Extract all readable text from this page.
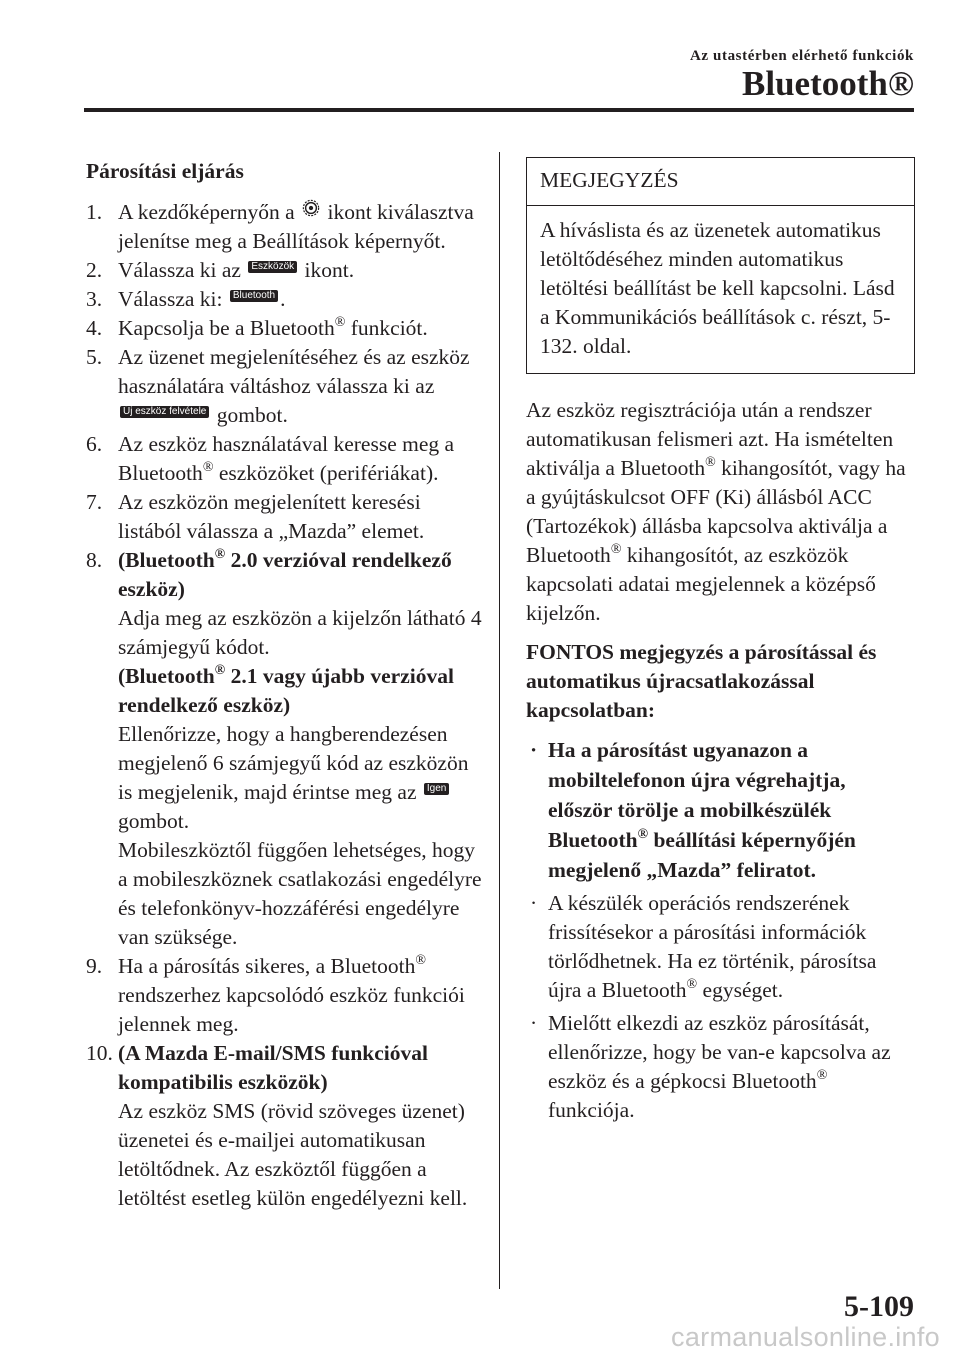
Az utastérben elérhető funkciók
Bluetooth®
Párosítási eljárás
1. A kezdőképernyőn a ikont kiválasztva jelenítse meg a Beállítások képernyőt.
2. Válassza ki az Eszközök ikont.
3. Válassza ki: Bluetooth .
4. Kapcsolja be a Bluetooth® funkciót.
5. Az üzenet megjelenítéséhez és az eszköz használatára váltáshoz válassza ki az Új eszköz felvétele gombot.
6. Az eszköz használatával keresse meg a Bluetooth® eszközöket (perifériákat).
7. Az eszközön megjelenített keresési listából válassza a „Mazda” elemet.
8. (Bluetooth® 2.0 verzióval rendelkező eszköz)
Adja meg az eszközön a kijelzőn látható 4 számjegyű kódot.
(Bluetooth® 2.1 vagy újabb verzióval rendelkező eszköz)
Ellenőrizze, hogy a hangberendezésen megjelenő 6 számjegyű kód az eszközön is megjelenik, majd érintse meg az Igen gombot.
Mobileszköztől függően lehetséges, hogy a mobileszköznek csatlakozási engedélyre és telefonkönyv-hozzáférési engedélyre van szüksége.
9. Ha a párosítás sikeres, a Bluetooth® rendszerhez kapcsolódó eszköz funkciói jelennek meg.
10. (A Mazda E-mail/SMS funkcióval kompatibilis eszközök)
Az eszköz SMS (rövid szöveges üzenet) üzenetei és e-mailjei automatikusan letöltődnek. Az eszköztől függően a letöltést esetleg külön engedélyezni kell.
MEGJEGYZÉS
A híváslista és az üzenetek automatikus letöltődéséhez minden automatikus letöltési beállítást be kell kapcsolni. Lásd a Kommunikációs beállítások c. részt, 5-132. oldal.
Az eszköz regisztrációja után a rendszer automatikusan felismeri azt. Ha ismételten aktiválja a Bluetooth® kihangosítót, vagy ha a gyújtáskulcsot OFF (Ki) állásból ACC (Tartozékok) állásba kapcsolva aktiválja a Bluetooth® kihangosítót, az eszközök kapcsolati adatai megjelennek a középső kijelzőn.
FONTOS megjegyzés a párosítással és automatikus újracsatlakozással kapcsolatban:
· Ha a párosítást ugyanazon a mobiltelefonon újra végrehajtja, először törölje a mobilkészülék Bluetooth® beállítási képernyőjén megjelenő „Mazda” feliratot.
· A készülék operációs rendszerének frissítésekor a párosítási információk törlődhetnek. Ha ez történik, párosítsa újra a Bluetooth® egységet.
· Mielőtt elkezdi az eszköz párosítását, ellenőrizze, hogy be van-e kapcsolva az eszköz és a gépkocsi Bluetooth® funkciója.
5-109
carmanualsonline.info
